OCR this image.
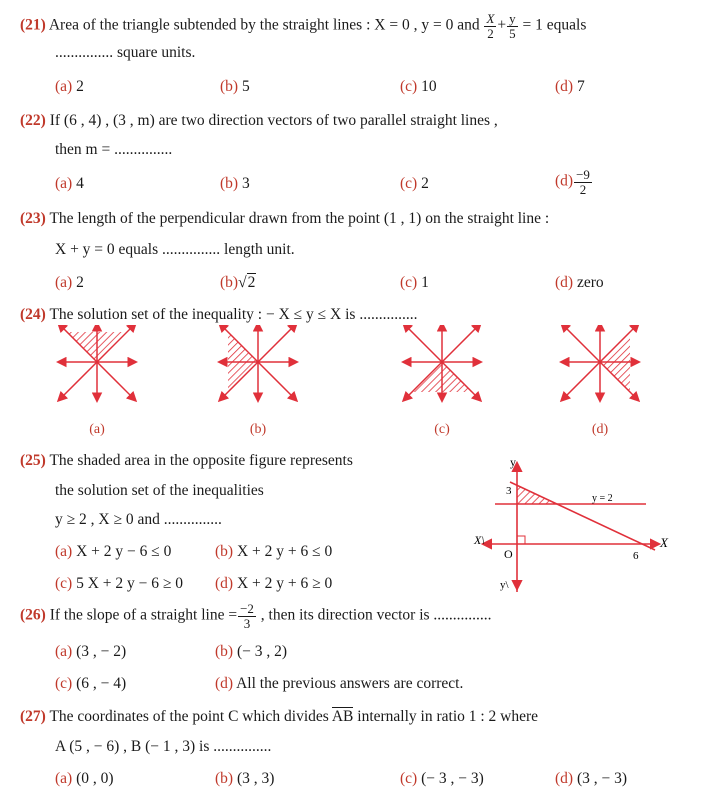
(21) Area of the triangle subtended by the straight lines : X = 0 , y = 0 and $\frac{X}{2} + \frac{y}{5} = 1$ equals
............... square units.
(a) 2	(b) 5	(c) 10	(d) 7
(22) If (6 , 4) , (3 , m) are two direction vectors of two parallel straight lines ,
then m = ...............
(a) 4	(b) 3	(c) 2	$(d) \frac{-9}{2}$
(23) The length of the perpendicular drawn from the point (1 , 1) on the straight line :
X + y = 0 equals ............... length unit.
(a) 2	(b)√2	(c) 1	(d) zero
(24) The solution set of the inequality : − X ≤ y ≤ X is ...............
(a)	(b)	(c)	(d)
(25) The shaded area in the opposite figure represents
the solution set of the inequalities
y ≥ 2 , X ≥ 0 and ...............
(a) X + 2 y − 6 ≤ 0	(b) X + 2 y + 6 ≤ 0
(c) 5 X + 2 y − 6 ≥ 0 (d) X + 2 y + 6 ≥ 0
y
y\
X
X\
O
3
6
y = 2
(26) If the slope of a straight line = $\frac{-2}{3}$ , then its direction vector is ...............
(a) (3 , − 2)	(b) (− 3 , 2)
(c) (6 , − 4)	(d) All the previous answers are correct.
(27) The coordinates of the point C which divides AB internally in ratio 1 : 2 where
A (5 , − 6) , B (− 1 , 3) is ...............
(a) (0 , 0)	(b) (3 , 3)	(c) (− 3 , − 3)	(d) (3 , − 3)
